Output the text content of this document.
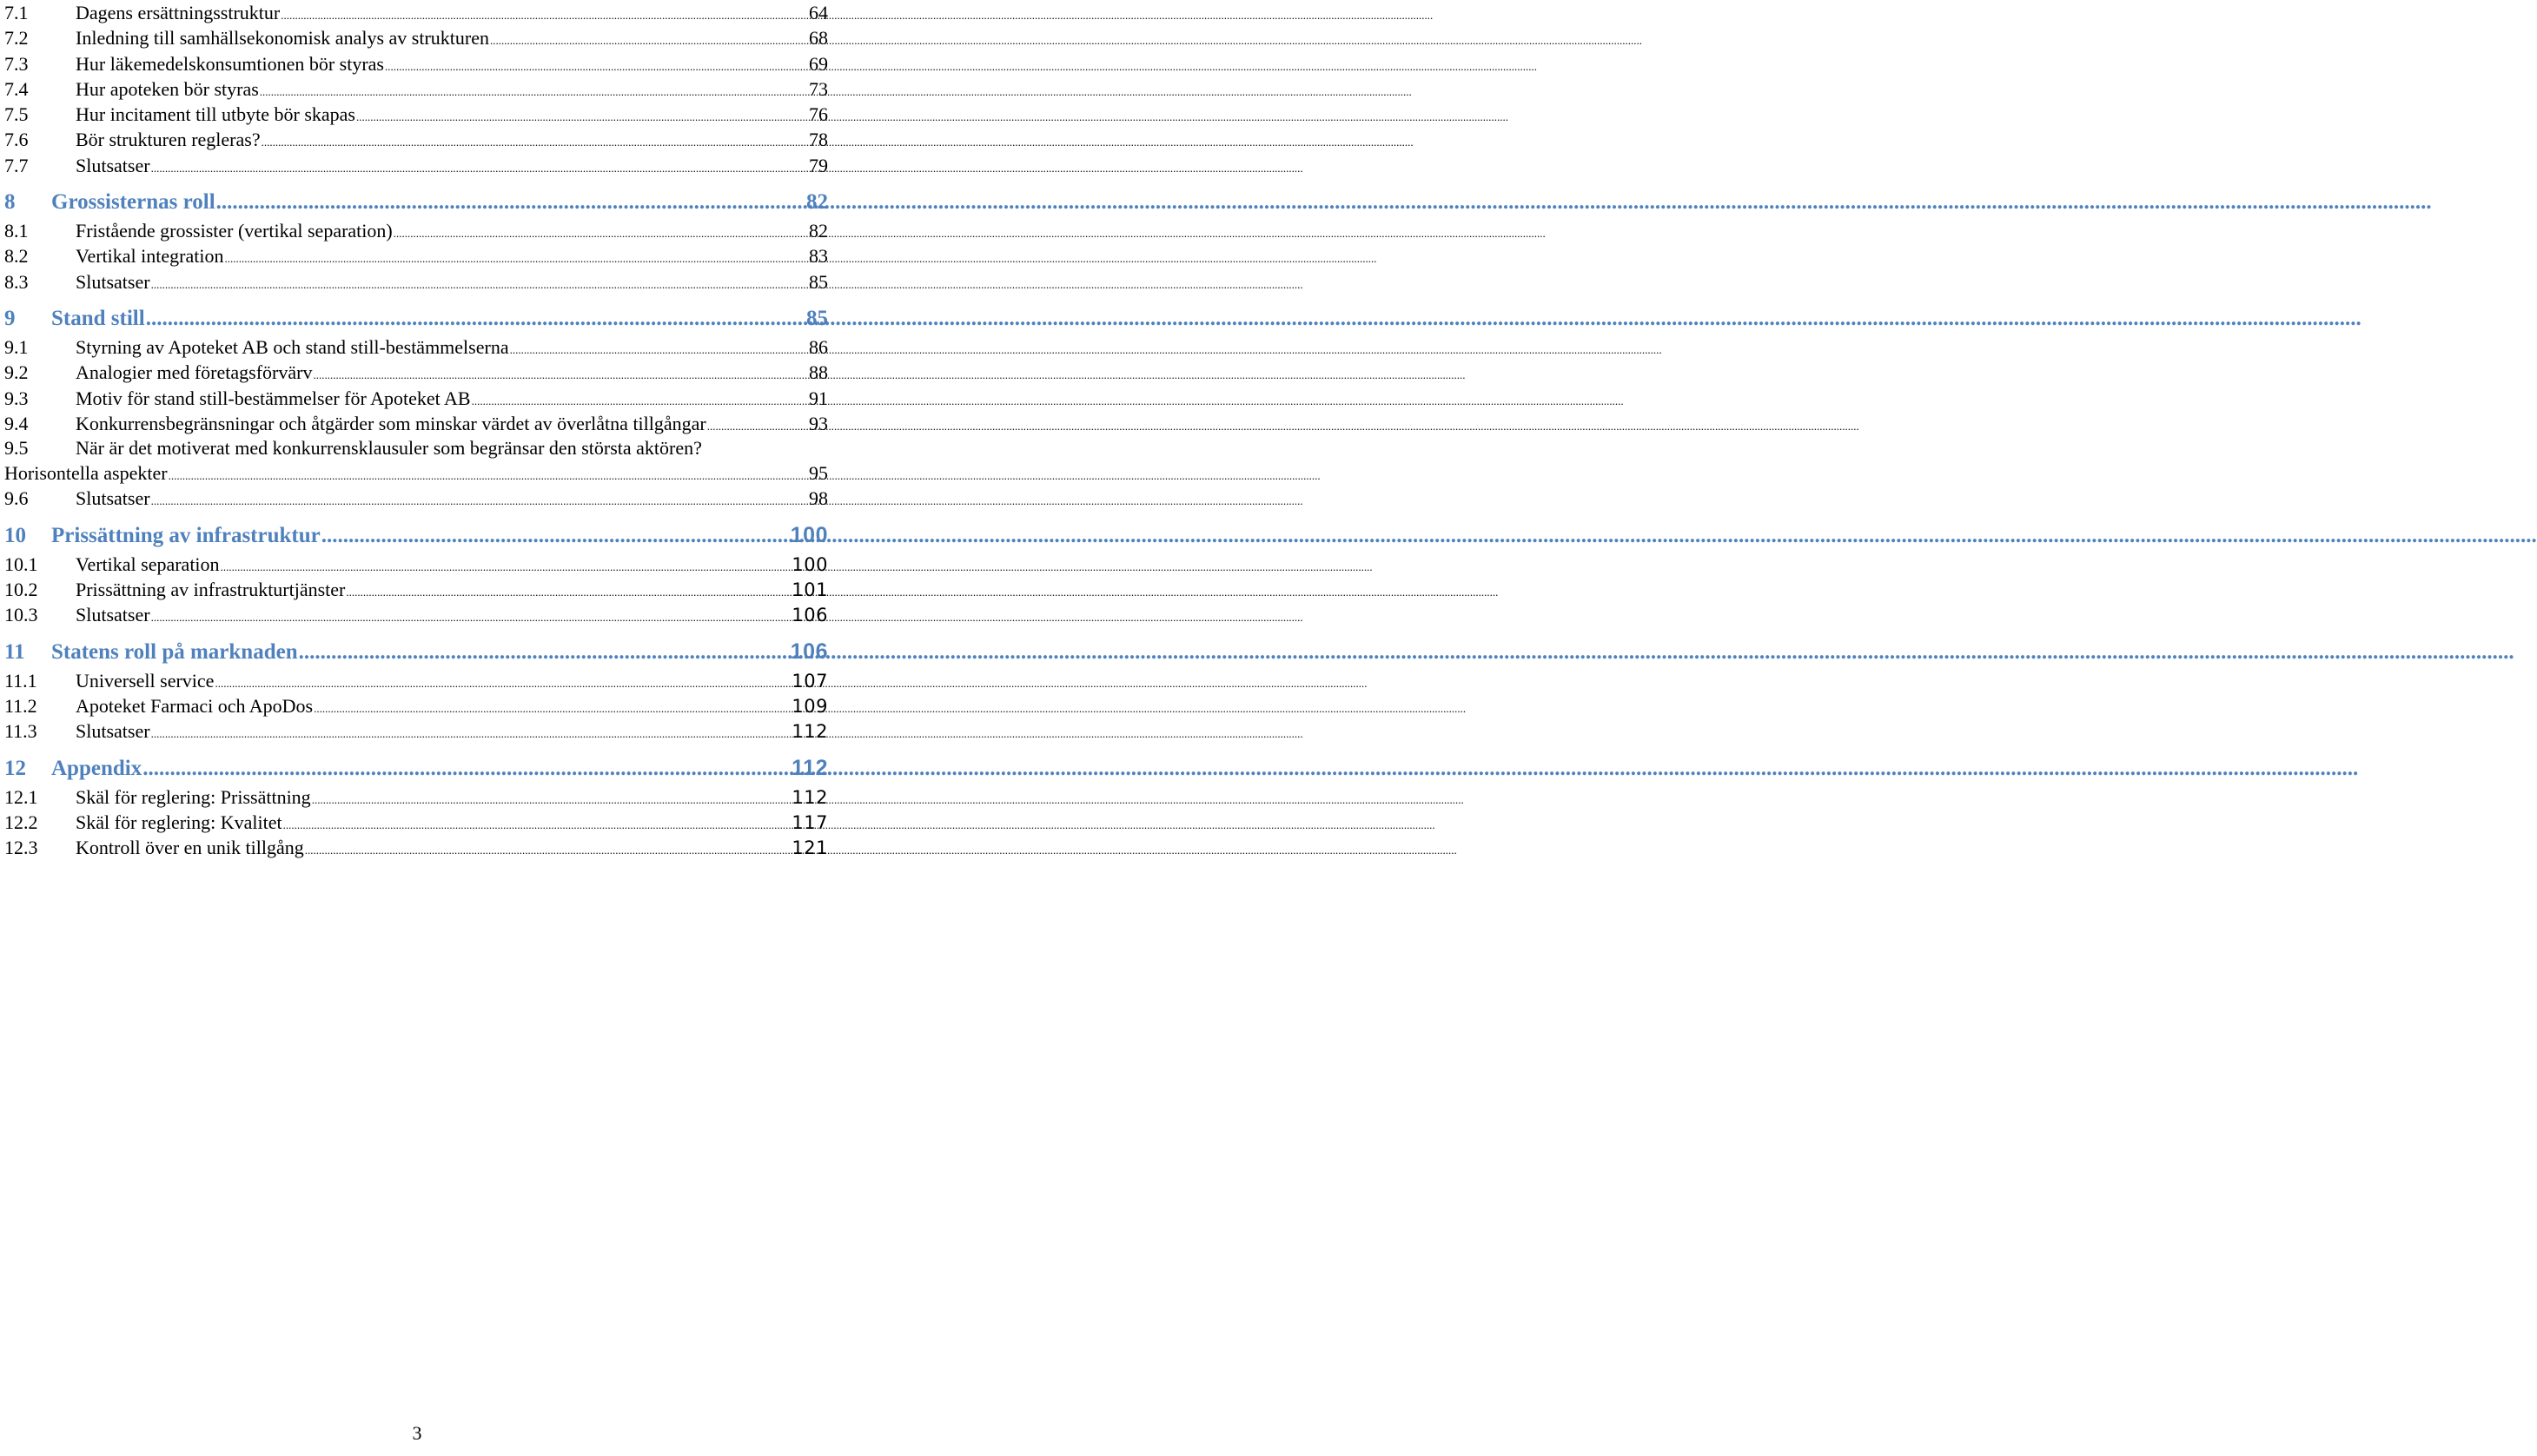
7.1	Dagens ersättningsstruktur .....	64
7.2	Inledning till samhällsekonomisk analys av strukturen .....	68
7.3	Hur läkemedelskonsumtionen bör styras .....	69
7.4	Hur apoteken bör styras .....	73
7.5	Hur incitament till utbyte bör skapas .....	76
7.6	Bör strukturen regleras? .....	78
7.7	Slutsatser .....	79
8	Grossisternas roll .....	82
8.1	Fristående grossister (vertikal separation) .....	82
8.2	Vertikal integration .....	83
8.3	Slutsatser .....	85
9	Stand still .....	85
9.1	Styrning av Apoteket AB och stand still-bestämmelserna .....	86
9.2	Analogier med företagsförvärv .....	88
9.3	Motiv för stand still-bestämmelser för Apoteket AB .....	91
9.4	Konkurrensbegränsningar och åtgärder som minskar värdet av överlåtna tillgångar .....	93
9.5	När är det motiverat med konkurrensklausuler som begränsar den största aktören?
Horisontella aspekter .....	95
9.6	Slutsatser .....	98
10	Prissättning av infrastruktur .....	100
10.1	Vertikal separation .....	100
10.2	Prissättning av infrastrukturtjänster .....	101
10.3	Slutsatser .....	106
11	Statens roll på marknaden .....	106
11.1	Universell service .....	107
11.2	Apoteket Farmaci och ApoDos .....	109
11.3	Slutsatser .....	112
12	Appendix .....	112
12.1	Skäl för reglering: Prissättning .....	112
12.2	Skäl för reglering: Kvalitet .....	117
12.3	Kontroll över en unik tillgång .....	121
3
